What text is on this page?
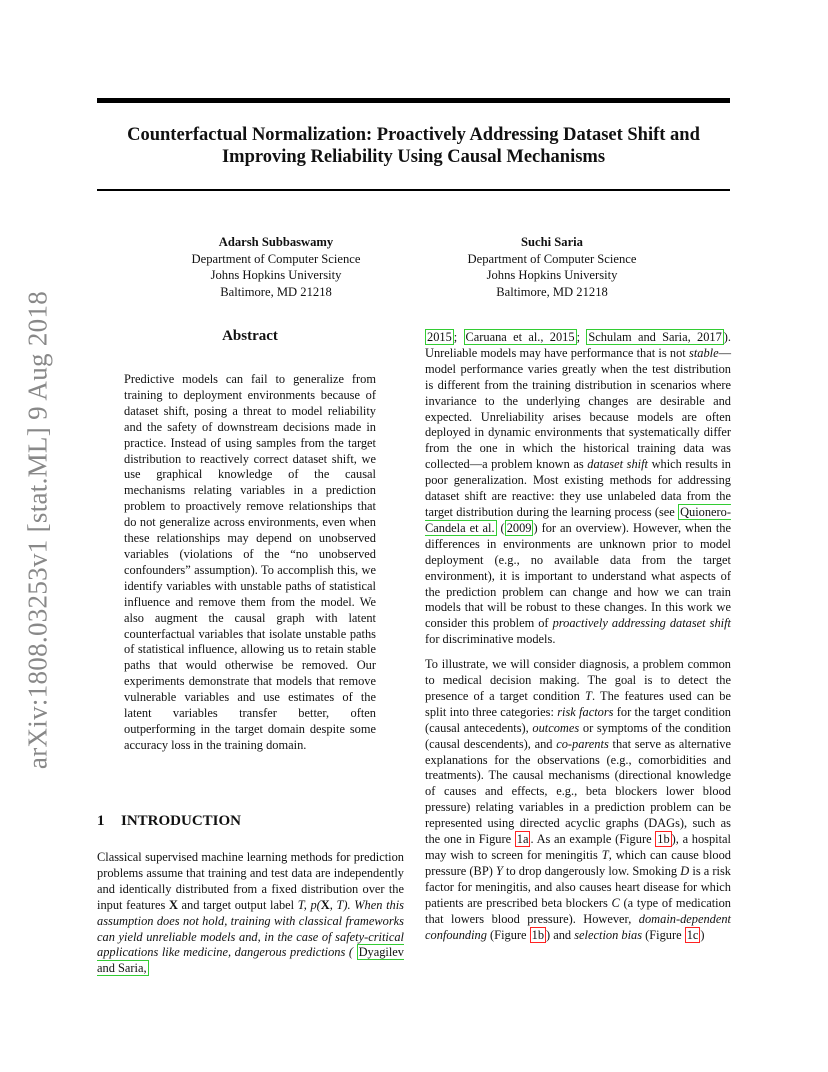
arXiv:1808.03253v1 [stat.ML] 9 Aug 2018
Counterfactual Normalization: Proactively Addressing Dataset Shift and
Improving Reliability Using Causal Mechanisms
Adarsh Subbaswamy
Department of Computer Science
Johns Hopkins University
Baltimore, MD 21218
Suchi Saria
Department of Computer Science
Johns Hopkins University
Baltimore, MD 21218
Abstract
Predictive models can fail to generalize from training to deployment environments because of dataset shift, posing a threat to model reliability and the safety of downstream decisions made in practice. Instead of using samples from the target distribution to reactively correct dataset shift, we use graphical knowledge of the causal mechanisms relating variables in a prediction problem to proactively remove relationships that do not generalize across environments, even when these relationships may depend on unobserved variables (violations of the “no unobserved confounders” assumption). To accomplish this, we identify variables with unstable paths of statistical influence and remove them from the model. We also augment the causal graph with latent counterfactual variables that isolate unstable paths of statistical influence, allowing us to retain stable paths that would otherwise be removed. Our experiments demonstrate that models that remove vulnerable variables and use estimates of the latent variables transfer better, often outperforming in the target domain despite some accuracy loss in the training domain.
1 INTRODUCTION
Classical supervised machine learning methods for prediction problems assume that training and test data are independently and identically distributed from a fixed distribution over the input features X and target output label T, p(X, T). When this assumption does not hold, training with classical frameworks can yield unreliable models and, in the case of safety-critical applications like medicine, dangerous predictions ( Dyagilev and Saria,

2015 ; Caruana et al., 2015 ; Schulam and Saria, 2017 ). Unreliable models may have performance that is not stable—model performance varies greatly when the test distribution is different from the training distribution in scenarios where invariance to the underlying changes are desirable and expected. Unreliability arises because models are often deployed in dynamic environments that systematically differ from the one in which the historical training data was collected—a problem known as dataset shift which results in poor generalization. Most existing methods for addressing dataset shift are reactive: they use unlabeled data from the target distribution during the learning process (see Quionero-Candela et al. ( 2009 ) for an overview). However, when the differences in environments are unknown prior to model deployment (e.g., no available data from the target environment), it is important to understand what aspects of the prediction problem can change and how we can train models that will be robust to these changes. In this work we consider this problem of proactively addressing dataset shift for discriminative models.

To illustrate, we will consider diagnosis, a problem common to medical decision making. The goal is to detect the presence of a target condition T. The features used can be split into three categories: risk factors for the target condition (causal antecedents), outcomes or symptoms of the condition (causal descendents), and co-parents that serve as alternative explanations for the observations (e.g., comorbidities and treatments). The causal mechanisms (directional knowledge of causes and effects, e.g., beta blockers lower blood pressure) relating variables in a prediction problem can be represented using directed acyclic graphs (DAGs), such as the one in Figure 1a . As an example (Figure 1b ), a hospital may wish to screen for meningitis T, which can cause blood pressure (BP) Y to drop dangerously low. Smoking D is a risk factor for meningitis, and also causes heart disease for which patients are prescribed beta blockers C (a type of medication that lowers blood pressure). However, domain-dependent confounding (Figure 1b ) and selection bias (Figure 1c )
